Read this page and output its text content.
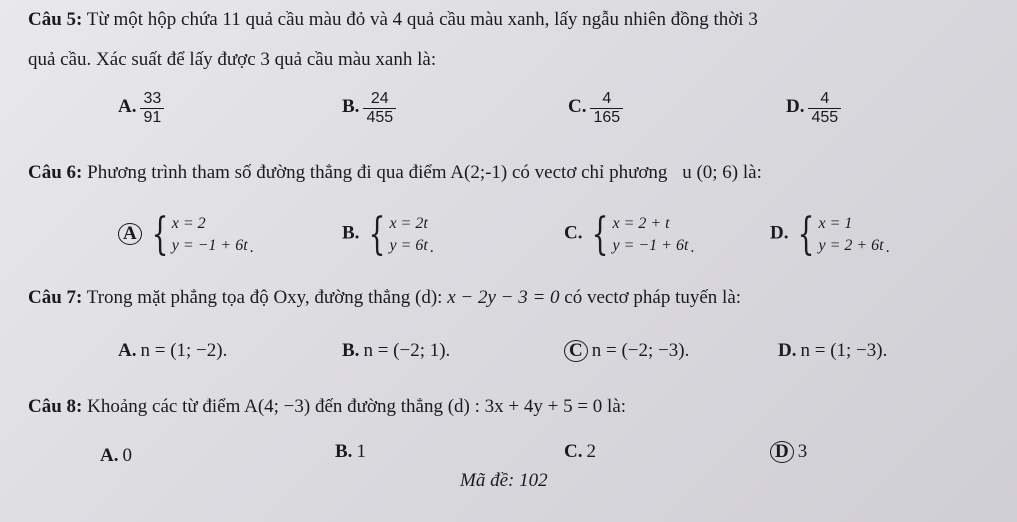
Câu 5: Từ một hộp chứa 11 quả cầu màu đỏ và 4 quả cầu màu xanh, lấy ngẫu nhiên đồng thời 3
quả cầu. Xác suất để lấy được 3 quả cầu màu xanh là:
A. $\frac{33}{91}$	B. $\frac{24}{455}$	C. $\frac{4}{165}$	D. $\frac{4}{455}$
Câu 6: Phương trình tham số đường thẳng đi qua điểm A(2;-1) có vectơ chỉ phương u (0; 6) là:
A { x = 2
y = −1 + 6t .
B. { x = 2t
y = 6t .
C. { x = 2 + t
y = −1 + 6t .
D. { x = 1
y = 2 + 6t .
Câu 7: Trong mặt phẳng tọa độ Oxy, đường thẳng (d): x − 2y − 3 = 0 có vectơ pháp tuyến là:
A. n = (1; −2).	B. n = (−2; 1).	C n = (−2; −3).	D. n = (1; −3).
Câu 8: Khoảng các từ điểm A(4; −3) đến đường thẳng (d) : 3x + 4y + 5 = 0 là:
A. 0	B. 1	C. 2	D 3
Mã đề: 102
